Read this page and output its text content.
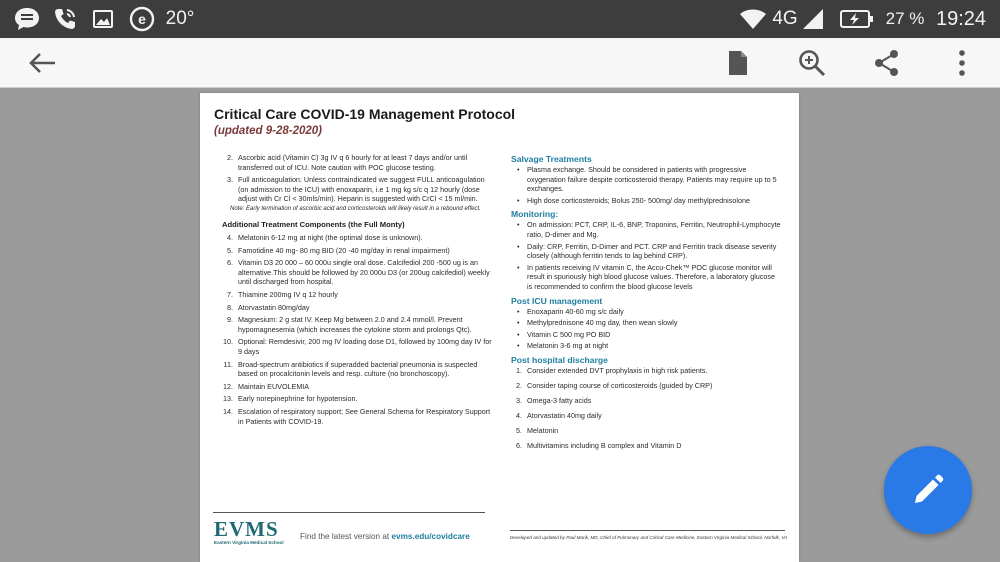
e 20°	4G	27 % 19:24
Critical Care COVID-19 Management Protocol
(updated 9-28-2020)
2. Ascorbic acid (Vitamin C) 3g IV q 6 hourly for at least 7 days and/or until transferred out of ICU. Note caution with POC glucose testing.
3. Full anticoagulation: Unless contraindicated we suggest FULL anticoagulation (on admission to the ICU) with enoxaparin, i.e 1 mg kg s/c q 12 hourly (dose adjust with Cr Cl < 30mls/min). Heparin is suggested with CrCl < 15 ml/min.
Note: Early termination of ascorbic acid and corticosteroids will likely result in a rebound effect.
Additional Treatment Components (the Full Monty)
4. Melatonin 6-12 mg at night (the optimal dose is unknown).
5. Famotidine 40 mg- 80 mg BID (20 -40 mg/day in renal impairment)
6. Vitamin D3 20 000 – 60 000u single oral dose. Calcifediol 200 -500 ug is an alternative.This should be followed by 20 000u D3 (or 200ug calcifediol) weekly until discharged from hospital.
7. Thiamine 200mg IV q 12 hourly
8. Atorvastatin 80mg/day
9. Magnesium: 2 g stat IV. Keep Mg between 2.0 and 2.4 mmol/l. Prevent hypomagnesemia (which increases the cytokine storm and prolongs Qtc).
10. Optional: Remdesivir, 200 mg IV loading dose D1, followed by 100mg day IV for 9 days
11. Broad-spectrum antibiotics if superadded bacterial pneumonia is suspected based on procalcitonin levels and resp. culture (no bronchoscopy).
12. Maintain EUVOLEMIA
13. Early norepinephrine for hypotension.
14. Escalation of respiratory support; See General Schema for Respiratory Support in Patients with COVID-19.
Salvage Treatments
•	Plasma exchange. Should be considered in patients with progressive oxygenation failure despite corticosteroid therapy. Patients may require up to 5 exchanges.
•	High dose corticosteroids; Bolus 250- 500mg/ day methylprednisolone
Monitoring:
•	On admission: PCT, CRP, IL-6, BNP, Troponins, Ferritin, Neutrophil-Lymphocyte ratio, D-dimer and Mg.
•	Daily: CRP, Ferritin, D-Dimer and PCT. CRP and Ferritin track disease severity closely (although ferritin tends to lag behind CRP).
•	In patients receiving IV vitamin C, the Accu-Chek™ POC glucose monitor will result in spuriously high blood glucose values. Therefore, a laboratory glucose is recommended to confirm the blood glucose levels
Post ICU management
•	Enoxaparin 40-60 mg s/c daily
•	Methylprednisone 40 mg day, then wean slowly
•	Vitamin C 500 mg PO BID
•	Melatonin 3-6 mg at night
Post hospital discharge
1. Consider extended DVT prophylaxis in high risk patients.
2. Consider taping course of corticosteroids (guided by CRP)
3. Omega-3 fatty acids
4. Atorvastatin 40mg daily
5. Melatonin
6. Multivitamins including B complex and Vitamin D
EVMS
Eastern Virginia Medical School
Find the latest version at evms.edu/covidcare	Developed and updated by Paul Marik, MD, Chief of Pulmonary and Critical Care Medicine, Eastern Virginia Medical School, Norfolk, VA
